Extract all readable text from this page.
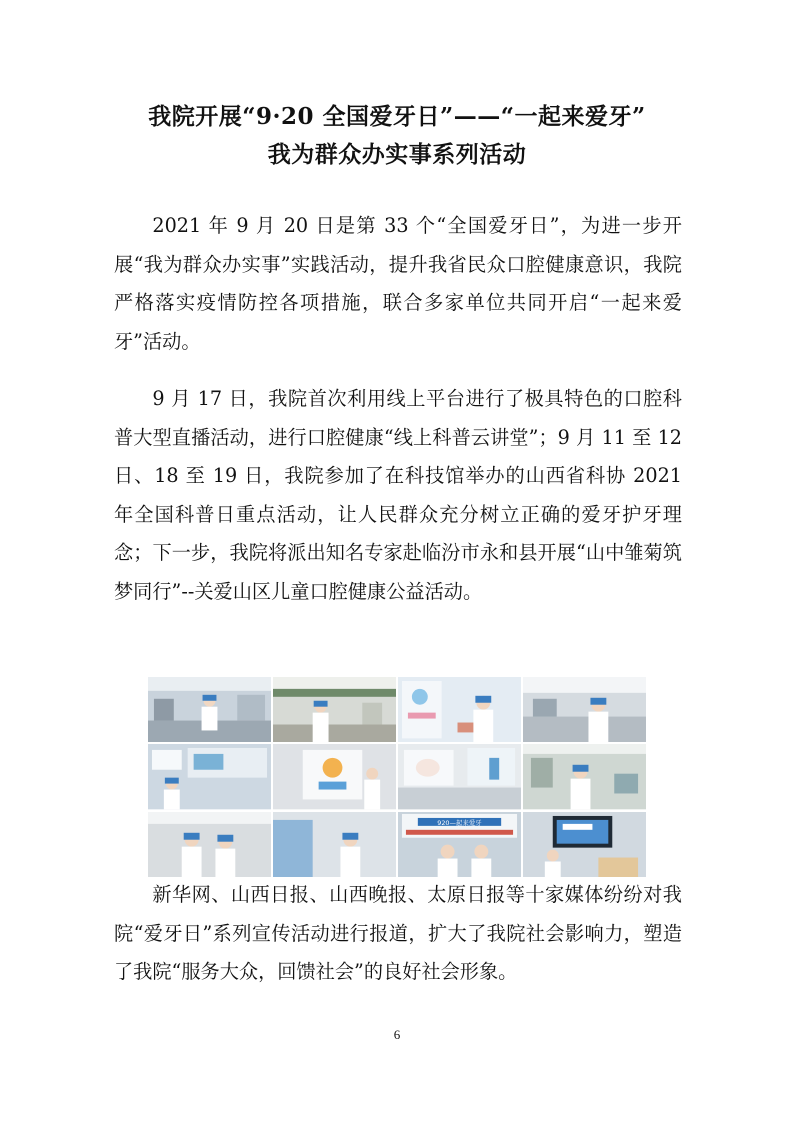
我院开展“9·20 全国爱牙日”——“一起来爱牙”
我为群众办实事系列活动

2021 年 9 月 20 日是第 33 个“全国爱牙日”，为进一步开展“我为群众办实事”实践活动，提升我省民众口腔健康意识，我院严格落实疫情防控各项措施，联合多家单位共同开启“一起来爱牙”活动。

9 月 17 日，我院首次利用线上平台进行了极具特色的口腔科普大型直播活动，进行口腔健康“线上科普云讲堂”；9 月 11 至 12 日、18 至 19 日，我院参加了在科技馆举办的山西省科协 2021 年全国科普日重点活动，让人民群众充分树立正确的爱牙护牙理念；下一步，我院将派出知名专家赴临汾市永和县开展“山中雏菊筑梦同行”--关爱山区儿童口腔健康公益活动。

920—起来爱牙

新华网、山西日报、山西晚报、太原日报等十家媒体纷纷对我院“爱牙日”系列宣传活动进行报道，扩大了我院社会影响力，塑造了我院“服务大众，回馈社会”的良好社会形象。

6
